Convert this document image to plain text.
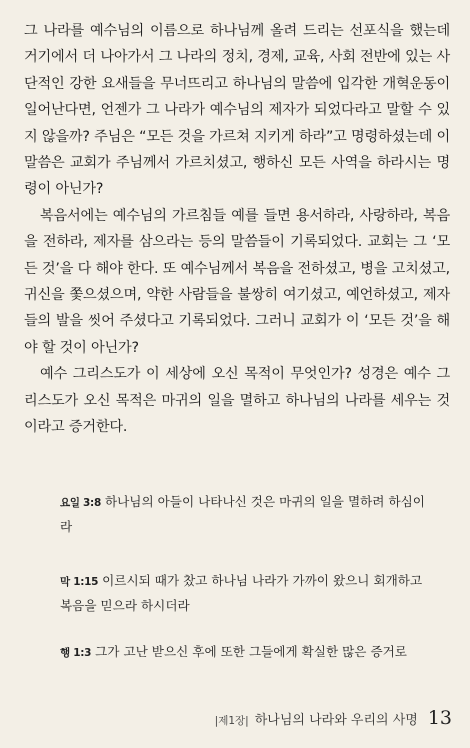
그 나라를 예수님의 이름으로 하나님께 올려 드리는 선포식을 했는데 거기에서 더 나아가서 그 나라의 정치, 경제, 교육, 사회 전반에 있는 사단적인 강한 요새들을 무너뜨리고 하나님의 말씀에 입각한 개혁운동이 일어난다면, 언젠가 그 나라가 예수님의 제자가 되었다라고 말할 수 있지 않을까? 주님은 “모든 것을 가르쳐 지키게 하라”고 명령하셨는데 이 말씀은 교회가 주님께서 가르치셨고, 행하신 모든 사역을 하라시는 명령이 아닌가?

복음서에는 예수님의 가르침들 예를 들면 용서하라, 사랑하라, 복음을 전하라, 제자를 삼으라는 등의 말씀들이 기록되었다. 교회는 그 ‘모든 것’을 다 해야 한다. 또 예수님께서 복음을 전하셨고, 병을 고치셨고, 귀신을 쫓으셨으며, 약한 사람들을 불쌍히 여기셨고, 예언하셨고, 제자들의 발을 씻어 주셨다고 기록되었다. 그러니 교회가 이 ‘모든 것’을 해야 할 것이 아닌가?

예수 그리스도가 이 세상에 오신 목적이 무엇인가? 성경은 예수 그리스도가 오신 목적은 마귀의 일을 멸하고 하나님의 나라를 세우는 것이라고 증거한다.

요일 3:8 하나님의 아들이 나타나신 것은 마귀의 일을 멸하려 하심이라

막 1:15 이르시되 때가 찼고 하나님 나라가 가까이 왔으니 회개하고 복음을 믿으라 하시더라

행 1:3 그가 고난 받으신 후에 또한 그들에게 확실한 많은 증거로

|제1장| 하나님의 나라와 우리의 사명 13
